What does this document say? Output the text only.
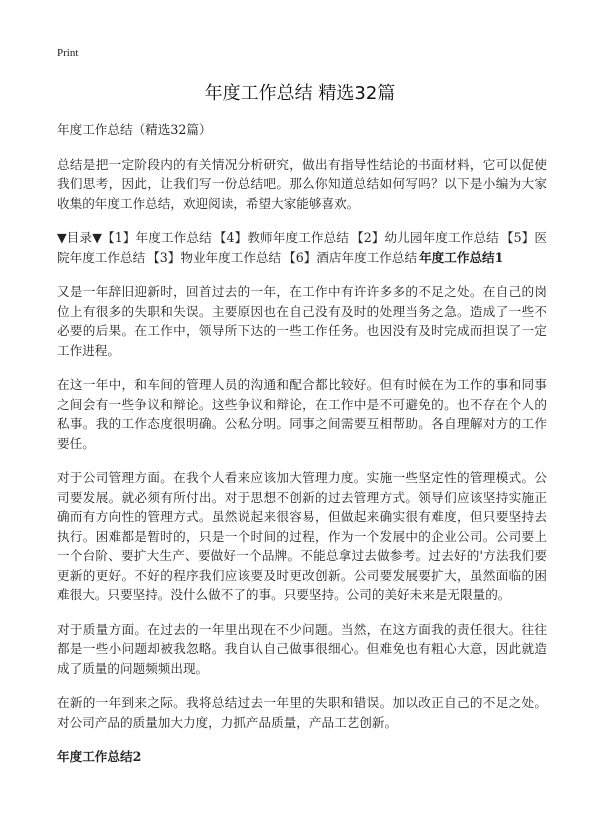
Print
年度工作总结 精选32篇

年度工作总结（精选32篇）

总结是把一定阶段内的有关情况分析研究，做出有指导性结论的书面材料，它可以促使我们思考，因此，让我们写一份总结吧。那么你知道总结如何写吗？以下是小编为大家收集的年度工作总结，欢迎阅读，希望大家能够喜欢。

▼目录▼【1】年度工作总结 【4】教师年度工作总结 【2】幼儿园年度工作总结 【5】医院年度工作总结 【3】物业年度工作总结 【6】酒店年度工作总结 年度工作总结1

又是一年辞旧迎新时，回首过去的一年，在工作中有许许多多的不足之处。在自己的岗位上有很多的失职和失误。主要原因也在自己没有及时的处理当务之急。造成了一些不必要的后果。在工作中，领导所下达的一些工作任务。也因没有及时完成而担误了一定工作进程。

在这一年中，和车间的管理人员的沟通和配合都比较好。但有时候在为工作的事和同事之间会有一些争议和辩论。这些争议和辩论，在工作中是不可避免的。也不存在个人的私事。我的工作态度很明确。公私分明。同事之间需要互相帮助。各自理解对方的工作要任。

对于公司管理方面。在我个人看来应该加大管理力度。实施一些坚定性的管理模式。公司要发展。就必须有所付出。对于思想不创新的过去管理方式。领导们应该坚持实施正确而有方向性的管理方式。虽然说起来很容易，但做起来确实很有难度，但只要坚持去执行。困难都是暂时的，只是一个时间的过程，作为一个发展中的企业公司。公司要上一个台阶、要扩大生产、要做好一个品牌。不能总拿过去做参考。过去好的'方法我们要更新的更好。不好的程序我们应该要及时更改创新。公司要发展要扩大，虽然面临的困难很大。只要坚持。没什么做不了的事。只要坚持。公司的美好未来是无限量的。

对于质量方面。在过去的一年里出现在不少问题。当然，在这方面我的责任很大。往往都是一些小问题却被我忽略。我自认自己做事很细心。但难免也有粗心大意，因此就造成了质量的问题频频出现。

在新的一年到来之际。我将总结过去一年里的失职和错误。加以改正自己的不足之处。对公司产品的质量加大力度，力抓产品质量，产品工艺创新。

年度工作总结2
